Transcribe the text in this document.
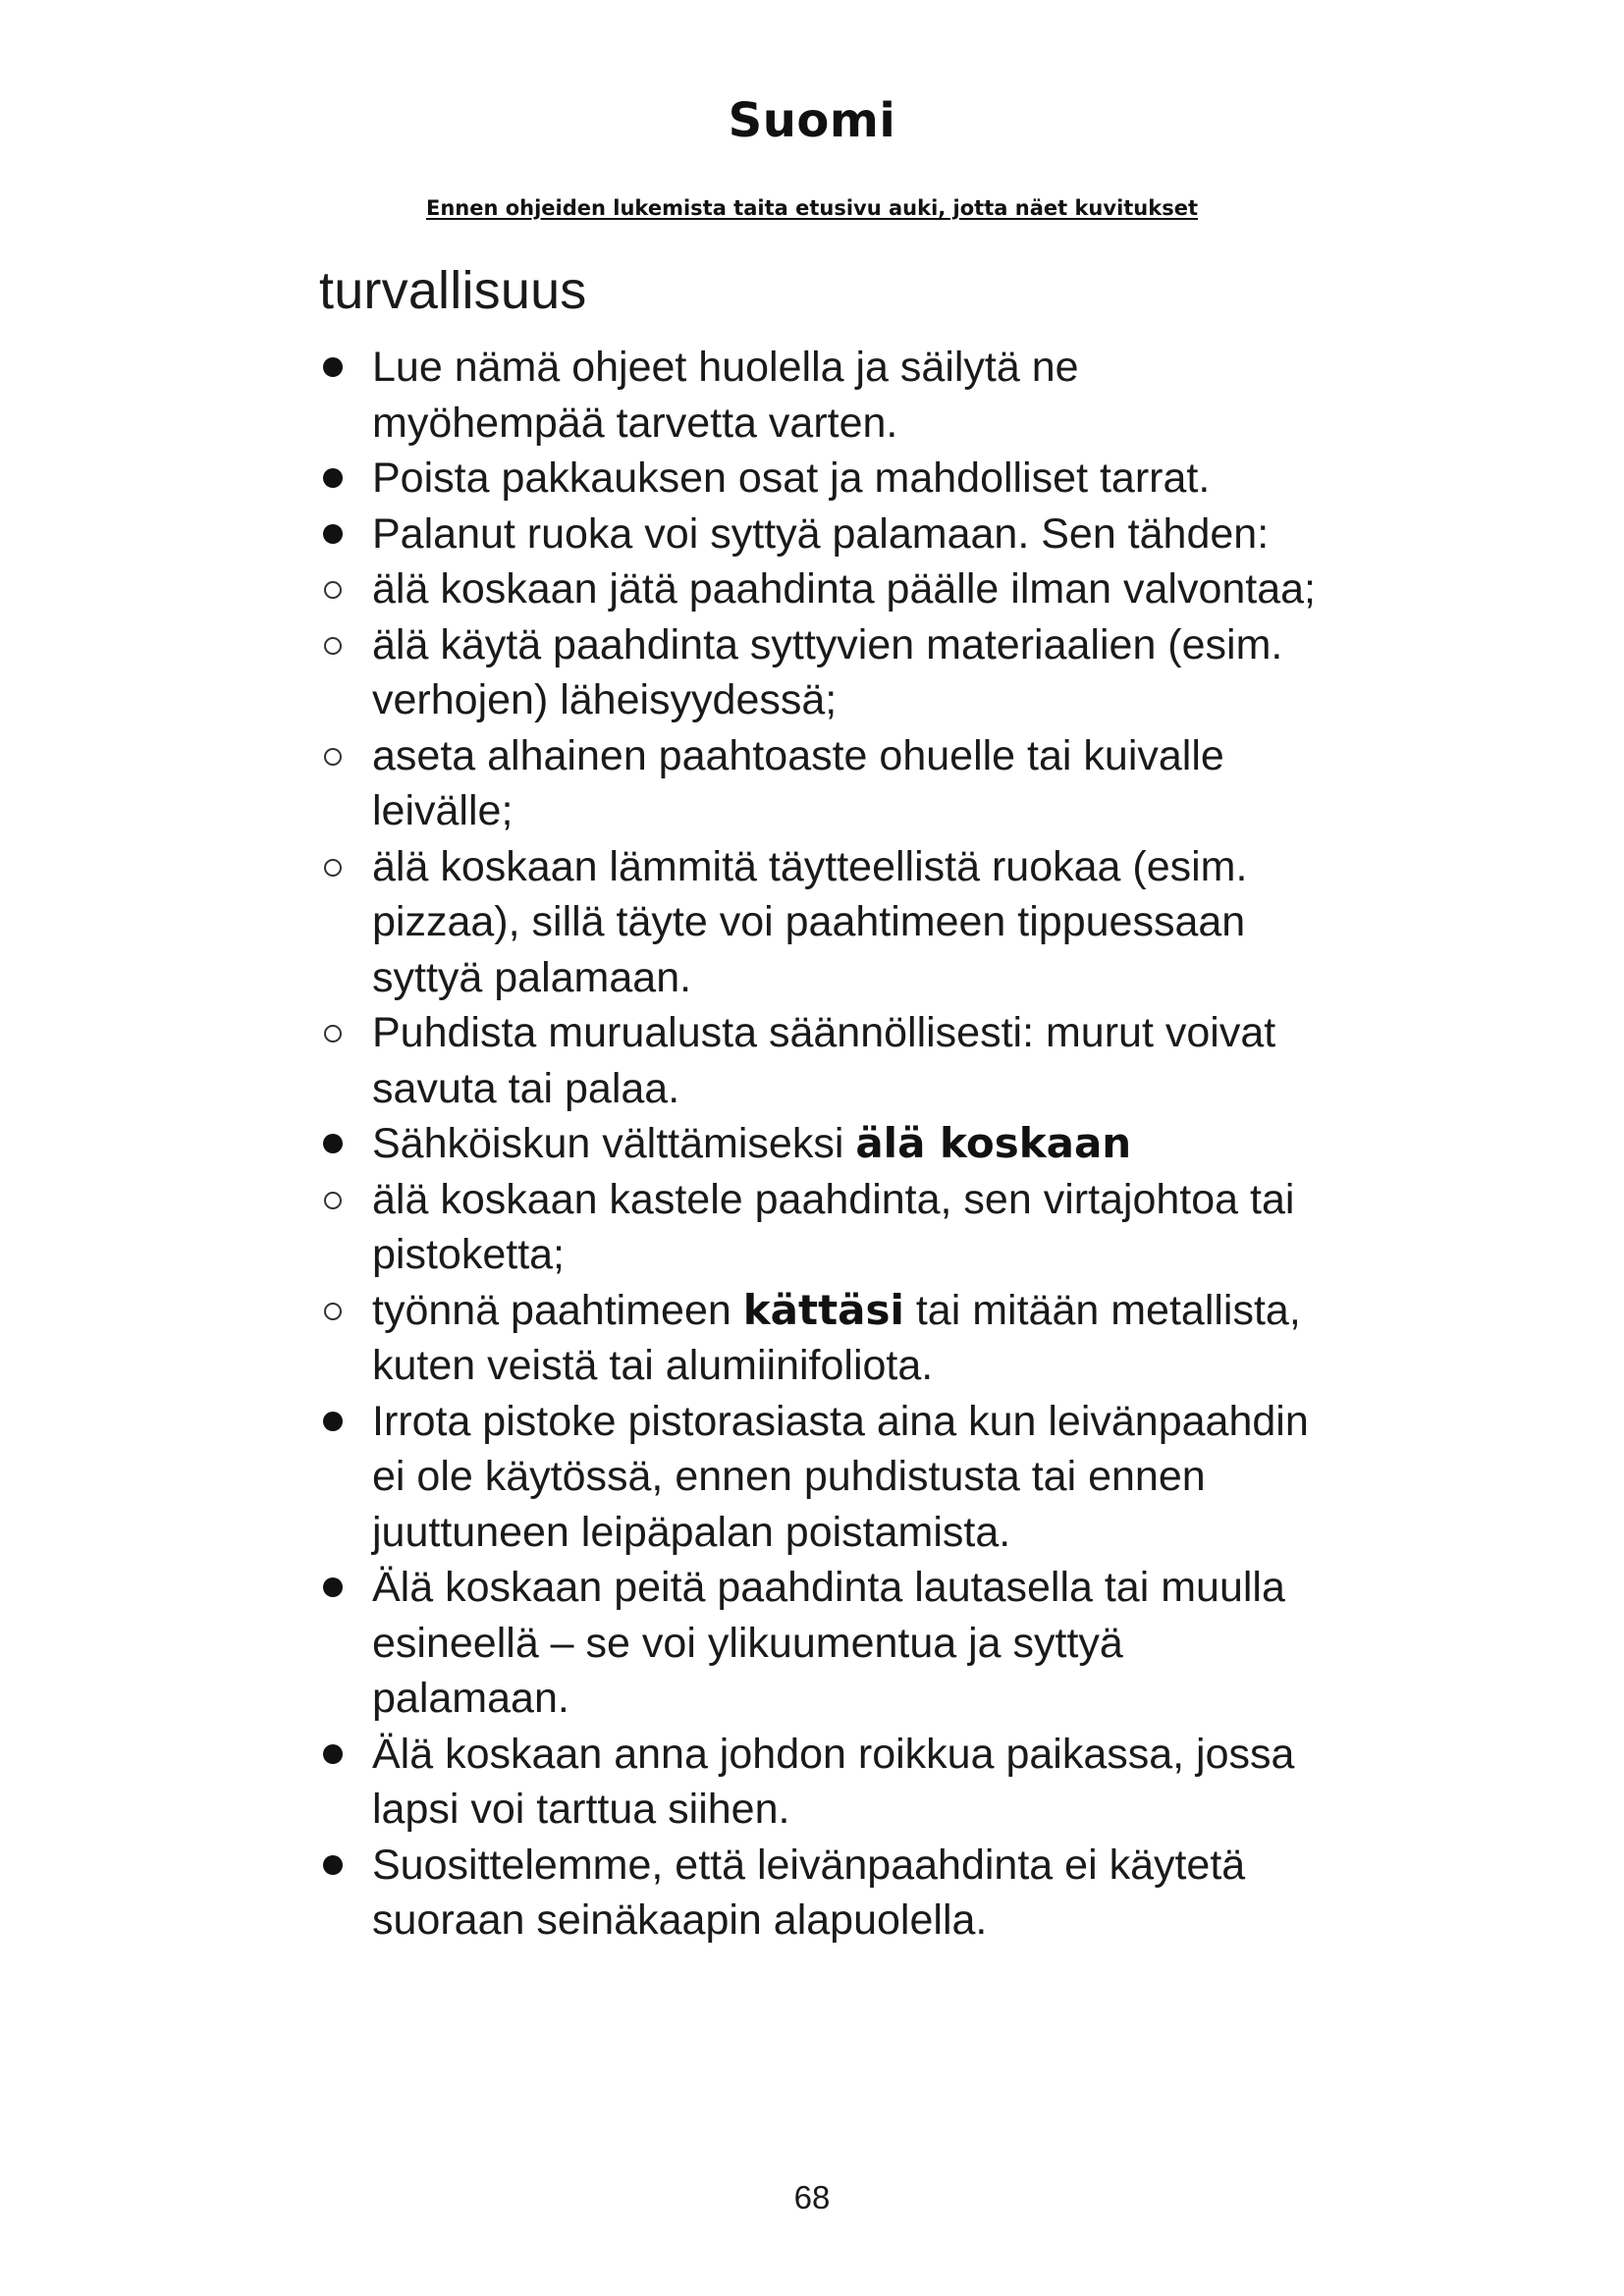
Suomi
Ennen ohjeiden lukemista taita etusivu auki, jotta näet kuvitukset
turvallisuus
Lue nämä ohjeet huolella ja säilytä ne myöhempää tarvetta varten.
Poista pakkauksen osat ja mahdolliset tarrat.
Palanut ruoka voi syttyä palamaan. Sen tähden:
älä koskaan jätä paahdinta päälle ilman valvontaa;
älä käytä paahdinta syttyvien materiaalien (esim. verhojen) läheisyydessä;
aseta alhainen paahtoaste ohuelle tai kuivalle leivälle;
älä koskaan lämmitä täytteellistä ruokaa (esim. pizzaa), sillä täyte voi paahtimeen tippuessaan syttyä palamaan.
Puhdista murualusta säännöllisesti: murut voivat savuta tai palaa.
Sähköiskun välttämiseksi älä koskaan
älä koskaan kastele paahdinta, sen virtajohtoa tai pistoketta;
työnnä paahtimeen kättäsi tai mitään metallista, kuten veistä tai alumiinifoliota.
Irrota pistoke pistorasiasta aina kun leivänpaahdin ei ole käytössä, ennen puhdistusta tai ennen juuttuneen leipäpalan poistamista.
Älä koskaan peitä paahdinta lautasella tai muulla esineellä – se voi ylikuumentua ja syttyä palamaan.
Älä koskaan anna johdon roikkua paikassa, jossa lapsi voi tarttua siihen.
Suosittelemme, että leivänpaahdinta ei käytetä suoraan seinäkaapin alapuolella.
68
